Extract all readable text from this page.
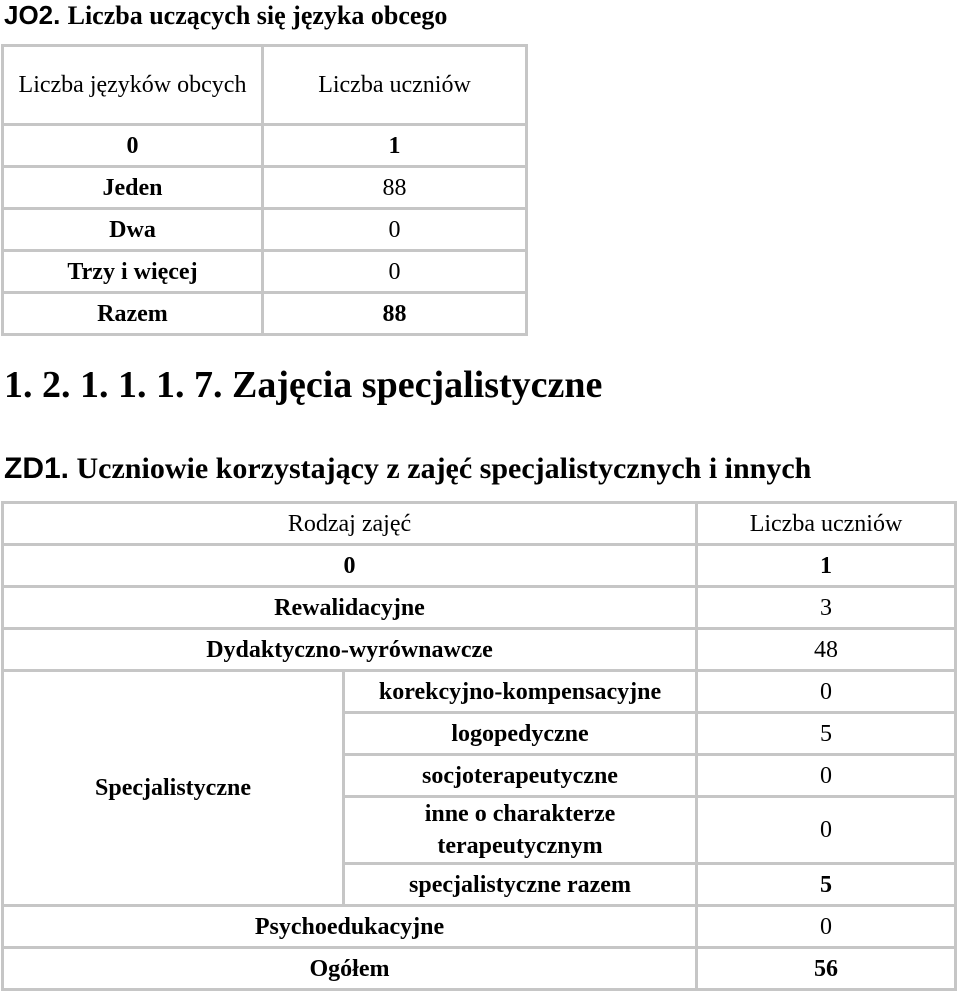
JO2. Liczba uczących się języka obcego
Liczba języków obcych	Liczba uczniów
0	1
Jeden	88
Dwa	0
Trzy i więcej	0
Razem	88
1. 2. 1. 1. 1. 7. Zajęcia specjalistyczne
ZD1. Uczniowie korzystający z zajęć specjalistycznych i innych
Rodzaj zajęć		Liczba uczniów
0		1
Rewalidacyjne		3
Dydaktyczno-wyrównawcze		48
Specjalistyczne	korekcyjno-kompensacyjne	0
	logopedyczne	5
	socjoterapeutyczne	0
	inne o charakterze terapeutycznym	0
	specjalistyczne razem	5
Psychoedukacyjne		0
Ogółem		56
